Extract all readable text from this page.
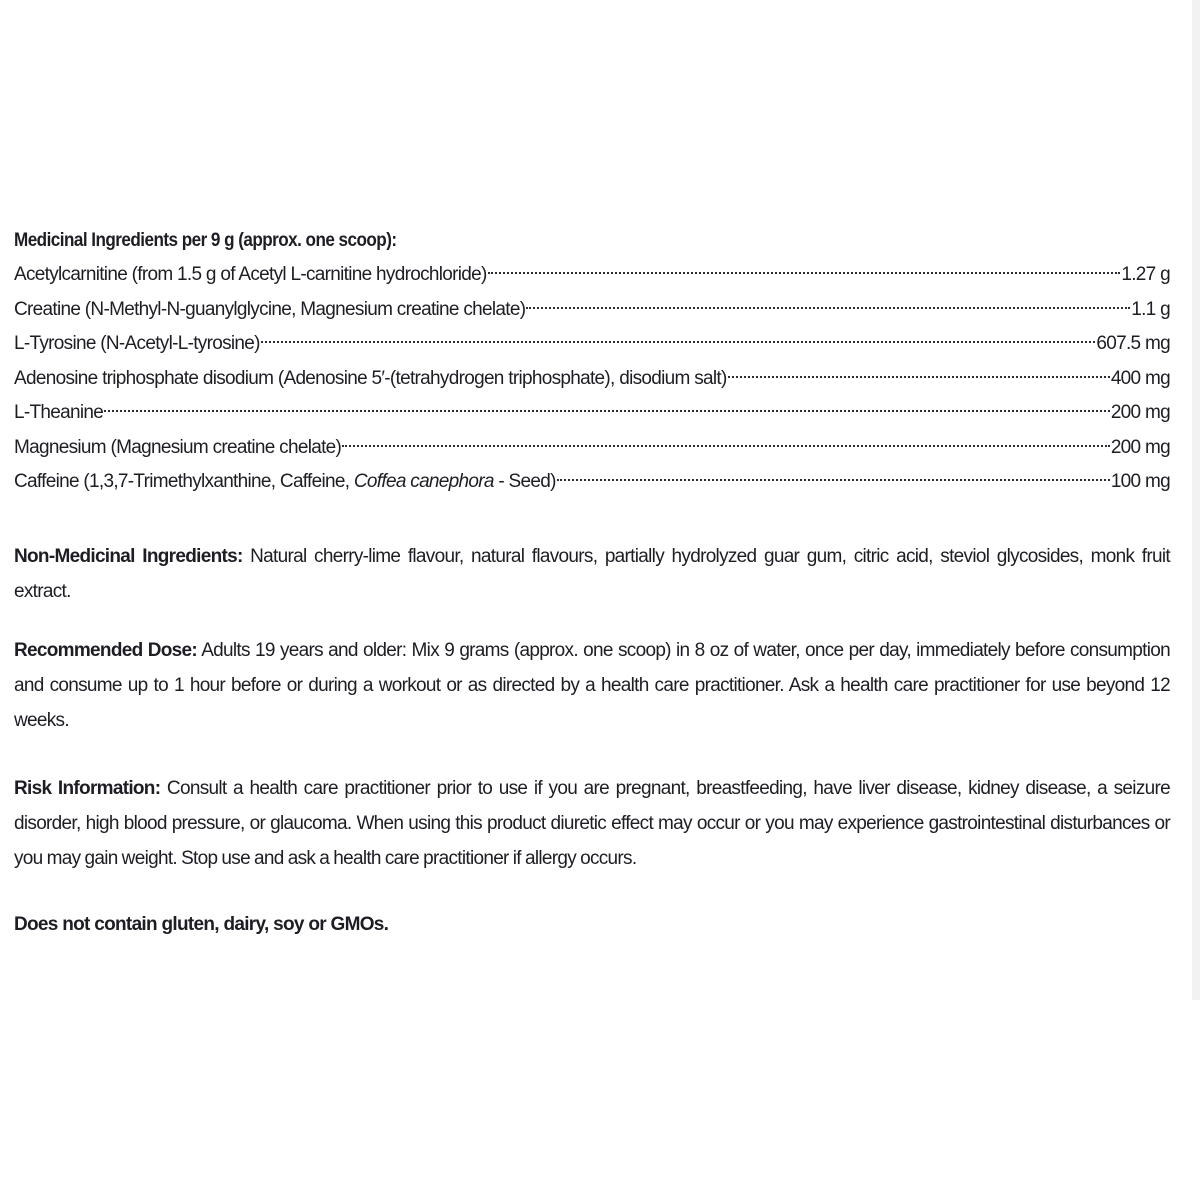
Medicinal Ingredients per 9 g (approx. one scoop):
Acetylcarnitine (from 1.5 g of Acetyl L-carnitine hydrochloride)	1.27 g
Creatine (N-Methyl-N-guanylglycine, Magnesium creatine chelate)	1.1 g
L-Tyrosine (N-Acetyl-L-tyrosine)	607.5 mg
Adenosine triphosphate disodium (Adenosine 5′-(tetrahydrogen triphosphate), disodium salt)	400 mg
L-Theanine	200 mg
Magnesium (Magnesium creatine chelate)	200 mg
Caffeine (1,3,7-Trimethylxanthine, Caffeine, Coffea canephora - Seed)	100 mg

Non-Medicinal Ingredients: Natural cherry-lime flavour, natural flavours, partially hydrolyzed guar gum, citric acid, steviol glycosides, monk fruit extract.

Recommended Dose: Adults 19 years and older: Mix 9 grams (approx. one scoop) in 8 oz of water, once per day, immediately before consumption and consume up to 1 hour before or during a workout or as directed by a health care practitioner. Ask a health care practitioner for use beyond 12 weeks.

Risk Information: Consult a health care practitioner prior to use if you are pregnant, breastfeeding, have liver disease, kidney disease, a seizure disorder, high blood pressure, or glaucoma. When using this product diuretic effect may occur or you may experience gastrointestinal disturbances or you may gain weight. Stop use and ask a health care practitioner if allergy occurs.

Does not contain gluten, dairy, soy or GMOs.
